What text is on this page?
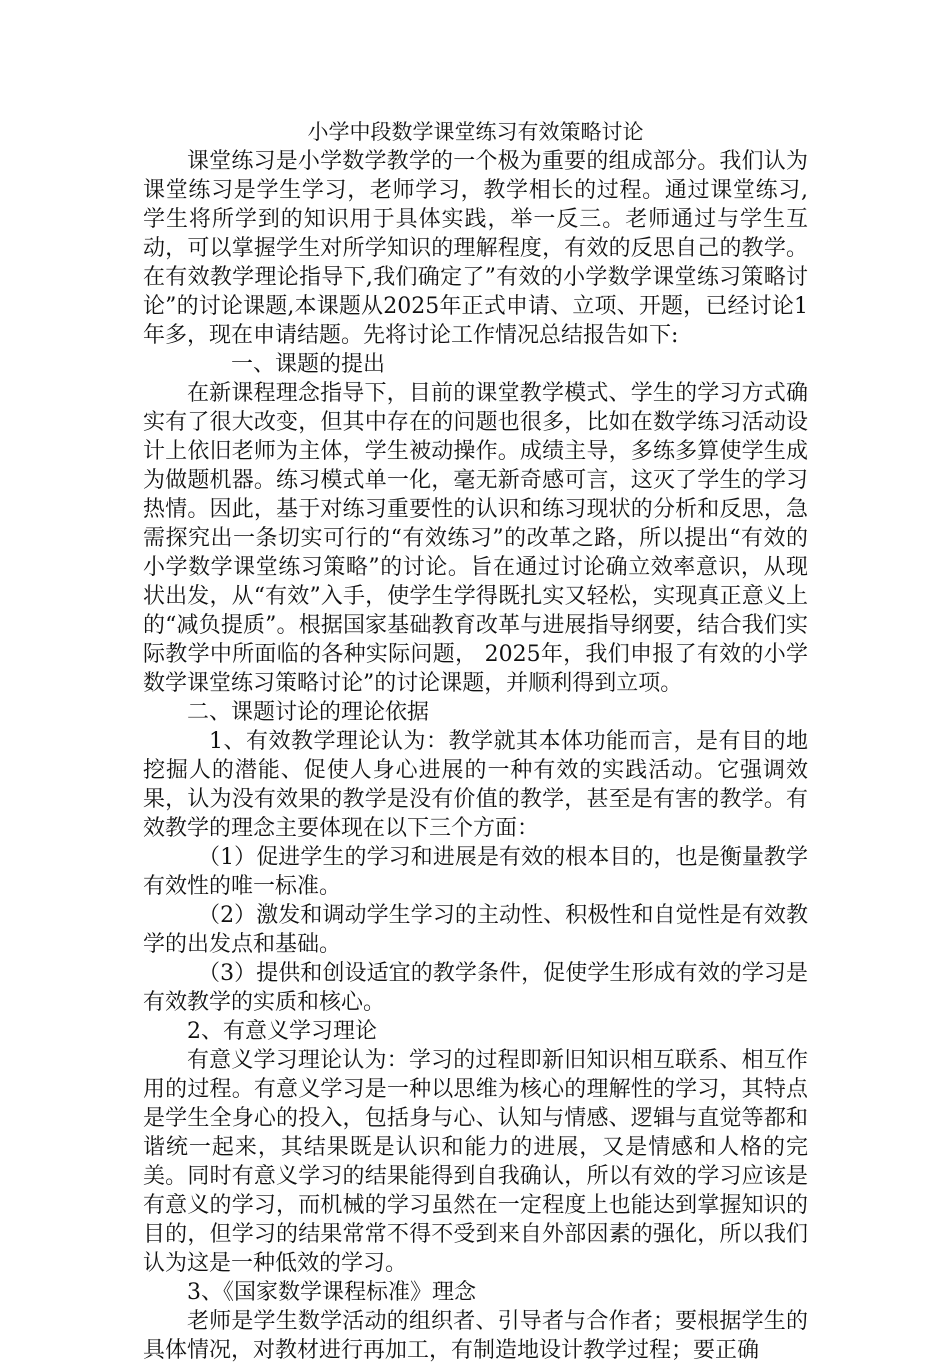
小学中段数学课堂练习有效策略讨论

课堂练习是小学数学教学的一个极为重要的组成部分。我们认为课堂练习是学生学习，老师学习，教学相长的过程。通过课堂练习,学生将所学到的知识用于具体实践，举一反三。老师通过与学生互动，可以掌握学生对所学知识的理解程度，有效的反思自己的教学。在有效教学理论指导下,我们确定了”有效的小学数学课堂练习策略讨论”的讨论课题,本课题从2025年正式申请、立项、开题，已经讨论1年多，现在申请结题。先将讨论工作情况总结报告如下:

一、课题的提出

在新课程理念指导下，目前的课堂教学模式、学生的学习方式确实有了很大改变，但其中存在的问题也很多，比如在数学练习活动设计上依旧老师为主体，学生被动操作。成绩主导，多练多算使学生成为做题机器。练习模式单一化，毫无新奇感可言，这灭了学生的学习热情。因此，基于对练习重要性的认识和练习现状的分析和反思，急需探究出一条切实可行的“有效练习”的改革之路，所以提出“有效的小学数学课堂练习策略”的讨论。旨在通过讨论确立效率意识，从现状出发，从“有效”入手，使学生学得既扎实又轻松，实现真正意义上的“减负提质”。根据国家基础教育改革与进展指导纲要，结合我们实际教学中所面临的各种实际问题， 2025年，我们申报了有效的小学数学课堂练习策略讨论”的讨论课题，并顺利得到立项。

二、课题讨论的理论依据

1、有效教学理论认为：教学就其本体功能而言，是有目的地挖掘人的潜能、促使人身心进展的一种有效的实践活动。它强调效果，认为没有效果的教学是没有价值的教学，甚至是有害的教学。有效教学的理念主要体现在以下三个方面：

（1）促进学生的学习和进展是有效的根本目的，也是衡量教学有效性的唯一标准。

（2）激发和调动学生学习的主动性、积极性和自觉性是有效教学的出发点和基础。

（3）提供和创设适宜的教学条件，促使学生形成有效的学习是有效教学的实质和核心。

2、有意义学习理论

有意义学习理论认为：学习的过程即新旧知识相互联系、相互作用的过程。有意义学习是一种以思维为核心的理解性的学习，其特点是学生全身心的投入，包括身与心、认知与情感、逻辑与直觉等都和谐统一起来，其结果既是认识和能力的进展，又是情感和人格的完美。同时有意义学习的结果能得到自我确认，所以有效的学习应该是有意义的学习，而机械的学习虽然在一定程度上也能达到掌握知识的目的，但学习的结果常常不得不受到来自外部因素的强化，所以我们认为这是一种低效的学习。

3、《国家数学课程标准》理念

老师是学生数学活动的组织者、引导者与合作者；要根据学生的具体情况，对教材进行再加工，有制造地设计教学过程；要正确
